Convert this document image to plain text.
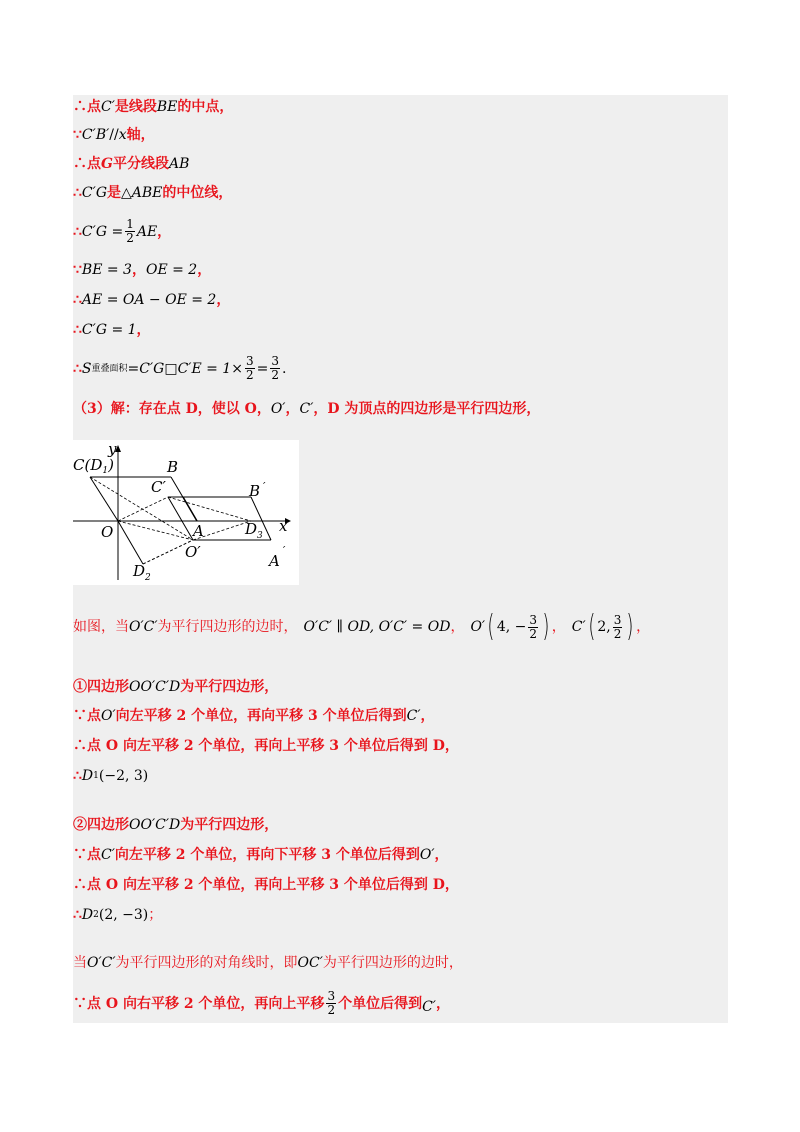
∴点 C′ 是线段 BE 的中点，
∵ C′B′ // x 轴，
∴点 G 平分线段 AB
∴ C′G 是 △ ABE 的中位线，
∴ $C'G = \frac{1}{2}$ AE ，
∵ BE = 3 ， OE = 2 ，
∴ AE = OA − OE = 2 ，
∴ C′G = 1 ，
∴ S 重叠面积 =C′G□C′E = $1\times \frac{3}{2} = \frac{3}{2}$ .
（3）解：存在点 D，使以 O， O′ ， C′ ，D 为顶点的四边形是平行四边形，
$C(D_1)$
y
B
C′	B ′
O	A	$D_3$
x
O′	A′
$D_2$
如图，当 O′C′ 为平行四边形的边时， O′C′ ∥ OD, O′C′ = OD ， O′ ( 4, − $\frac{3}{2}$ ) ， C′ ( 2, $\frac{3}{2}$ ) ，
①四边形 OO′C′D 为平行四边形，
∵点 O′ 向左平移 2 个单位，再向平移 3 个单位后得到 C′ ，
∴点 O 向左平移 2 个单位，再向上平移 3 个单位后得到 D，
∴ D 1 (−2, 3)
②四边形 OO′C′D 为平行四边形，
∵点 C′ 向左平移 2 个单位，再向下平移 3 个单位后得到 O′ ，
∴点 O 向左平移 2 个单位，再向上平移 3 个单位后得到 D，
∴ D 2 (2, −3) ；
当 O′C′ 为平行四边形的对角线时，即 OC′ 为平行四边形的边时，
∵点 O 向右平移 2 个单位，再向上平移 $\frac{3}{2}$ 个单位后得到 C′ ，
